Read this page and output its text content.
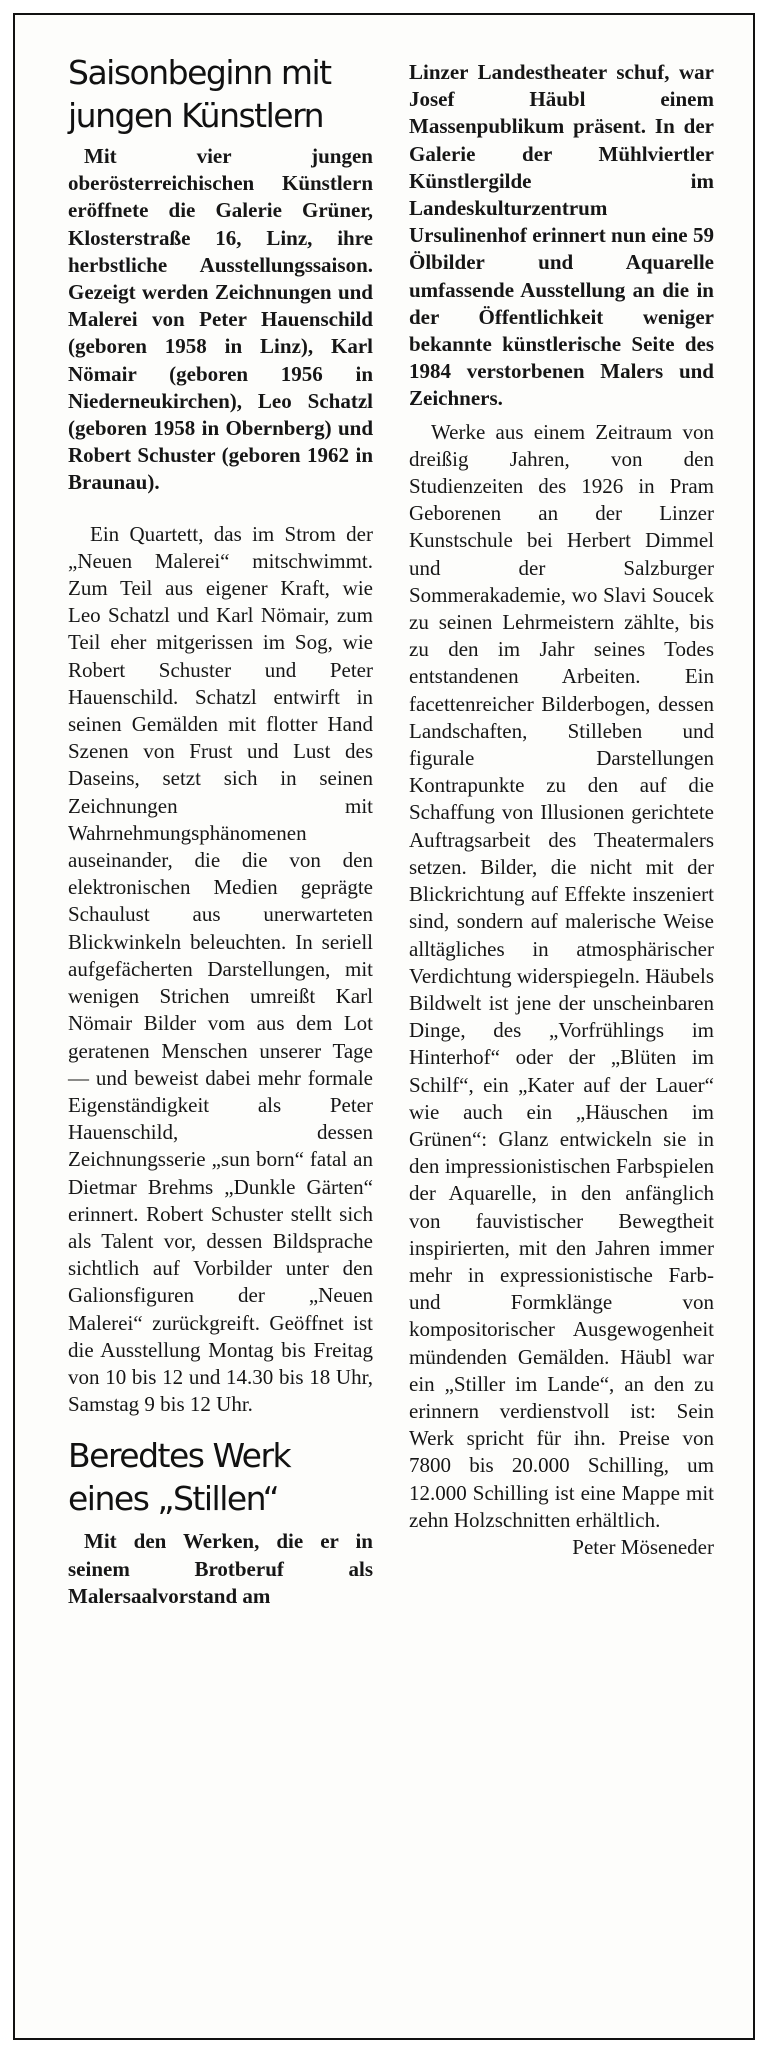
Saisonbeginn mit jungen Künstlern

Mit vier jungen oberösterreichischen Künstlern eröffnete die Galerie Grüner, Klosterstraße 16, Linz, ihre herbstliche Ausstellungssaison. Gezeigt werden Zeichnungen und Malerei von Peter Hauenschild (geboren 1958 in Linz), Karl Nömair (geboren 1956 in Niederneukirchen), Leo Schatzl (geboren 1958 in Obernberg) und Robert Schuster (geboren 1962 in Braunau).

Ein Quartett, das im Strom der „Neuen Malerei“ mitschwimmt. Zum Teil aus eigener Kraft, wie Leo Schatzl und Karl Nömair, zum Teil eher mitgerissen im Sog, wie Robert Schuster und Peter Hauenschild. Schatzl entwirft in seinen Gemälden mit flotter Hand Szenen von Frust und Lust des Daseins, setzt sich in seinen Zeichnungen mit Wahrnehmungsphänomenen auseinander, die die von den elektronischen Medien geprägte Schaulust aus unerwarteten Blickwinkeln beleuchten. In seriell aufgefächerten Darstellungen, mit wenigen Strichen umreißt Karl Nömair Bilder vom aus dem Lot geratenen Menschen unserer Tage — und beweist dabei mehr formale Eigenständigkeit als Peter Hauenschild, dessen Zeichnungsserie „sun born“ fatal an Dietmar Brehms „Dunkle Gärten“ erinnert. Robert Schuster stellt sich als Talent vor, dessen Bildsprache sichtlich auf Vorbilder unter den Galionsfiguren der „Neuen Malerei“ zurückgreift. Geöffnet ist die Ausstellung Montag bis Freitag von 10 bis 12 und 14.30 bis 18 Uhr, Samstag 9 bis 12 Uhr.

Beredtes Werk eines „Stillen“

Mit den Werken, die er in seinem Brotberuf als Malersaalvorstand am

Linzer Landestheater schuf, war Josef Häubl einem Massenpublikum präsent. In der Galerie der Mühlviertler Künstlergilde im Landeskulturzentrum Ursulinenhof erinnert nun eine 59 Ölbilder und Aquarelle umfassende Ausstellung an die in der Öffentlichkeit weniger bekannte künstlerische Seite des 1984 verstorbenen Malers und Zeichners.

Werke aus einem Zeitraum von dreißig Jahren, von den Studienzeiten des 1926 in Pram Geborenen an der Linzer Kunstschule bei Herbert Dimmel und der Salzburger Sommerakademie, wo Slavi Soucek zu seinen Lehrmeistern zählte, bis zu den im Jahr seines Todes entstandenen Arbeiten. Ein facettenreicher Bilderbogen, dessen Landschaften, Stilleben und figurale Darstellungen Kontrapunkte zu den auf die Schaffung von Illusionen gerichtete Auftragsarbeit des Theatermalers setzen. Bilder, die nicht mit der Blickrichtung auf Effekte inszeniert sind, sondern auf malerische Weise alltägliches in atmosphärischer Verdichtung widerspiegeln. Häubels Bildwelt ist jene der unscheinbaren Dinge, des „Vorfrühlings im Hinterhof“ oder der „Blüten im Schilf“, ein „Kater auf der Lauer“ wie auch ein „Häuschen im Grünen“: Glanz entwickeln sie in den impressionistischen Farbspielen der Aquarelle, in den anfänglich von fauvistischer Bewegtheit inspirierten, mit den Jahren immer mehr in expressionistische Farb- und Formklänge von kompositorischer Ausgewogenheit mündenden Gemälden. Häubl war ein „Stiller im Lande“, an den zu erinnern verdienstvoll ist: Sein Werk spricht für ihn. Preise von 7800 bis 20.000 Schilling, um 12.000 Schilling ist eine Mappe mit zehn Holzschnitten erhältlich.

Peter Möseneder
